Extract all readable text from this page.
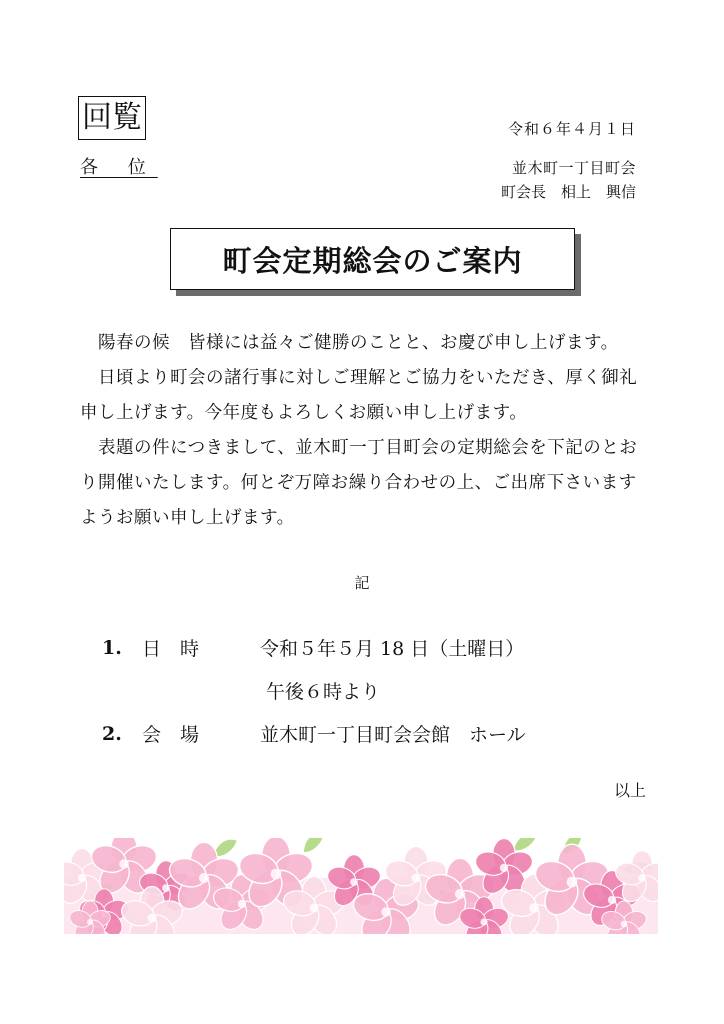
回覧	令和６年４月１日
各 位	並木町一丁目町会
町会長　相上　興信
町会定期総会のご案内

　陽春の候　皆様には益々ご健勝のことと、お慶び申し上げます。

　日頃より町会の諸行事に対しご理解とご協力をいただき、厚く御礼申し上げます。今年度もよろしくお願い申し上げます。

　表題の件につきまして、並木町一丁目町会の定期総会を下記のとおり開催いたします。何とぞ万障お繰り合わせの上、ご出席下さいますようお願い申し上げます。

記
1.	日　時	令和５年５月 18 日（土曜日）
午後６時より
2.	会　場	並木町一丁目町会会館　ホール
以上
